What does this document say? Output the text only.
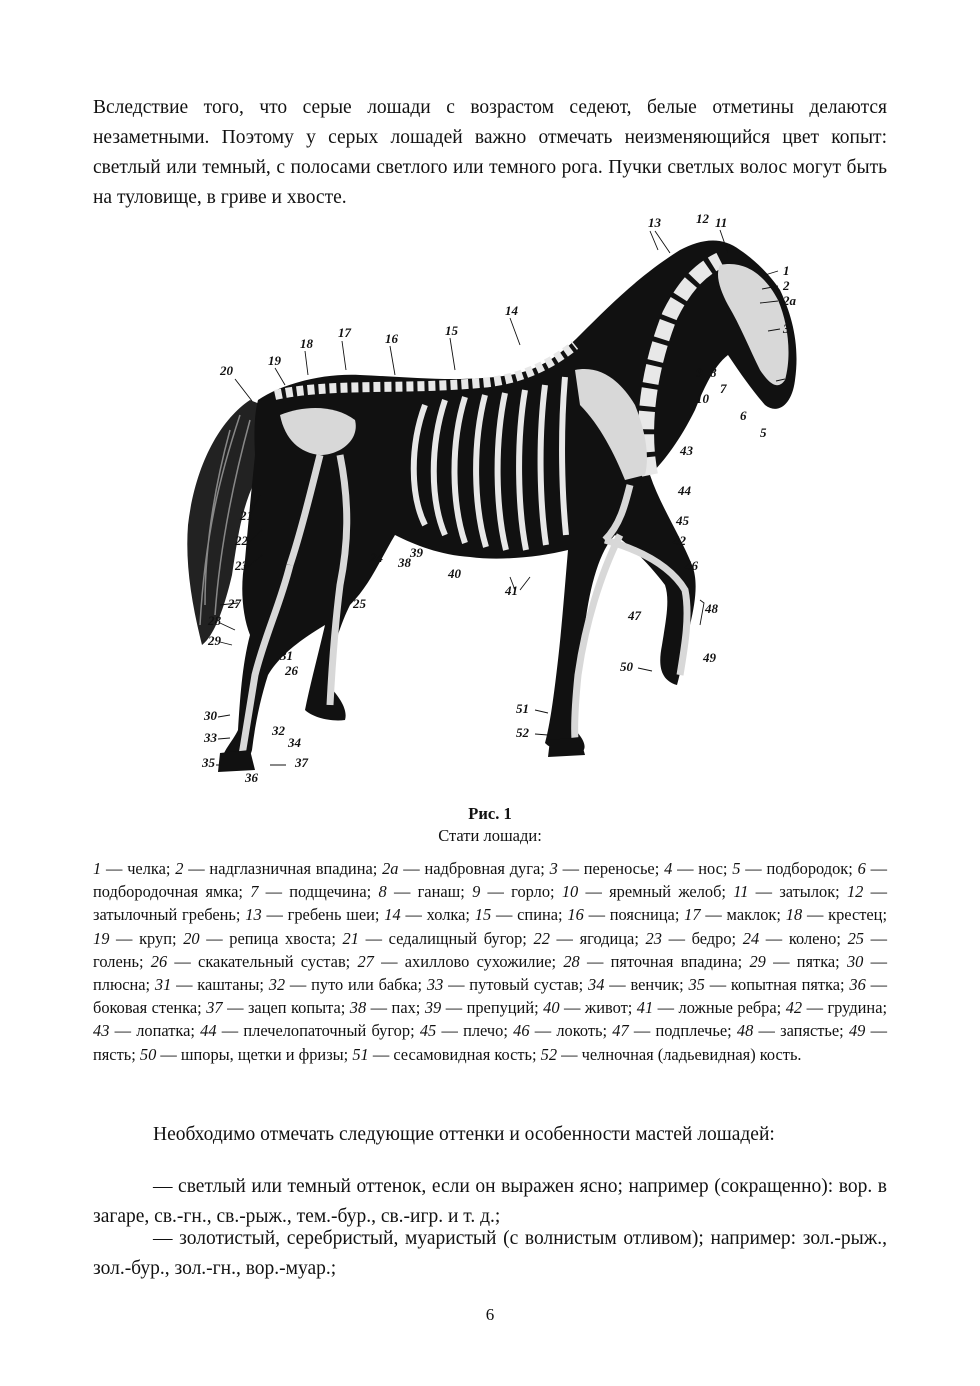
Вследствие того, что серые лошади с возрастом седеют, белые отметины делаются незаметными. Поэтому у серых лошадей важно отмечать неизменяющийся цвет копыт: светлый или темный, с полосами светлого или темного рога. Пучки светлых волос могут быть на туловище, в гриве и хвосте.

1
2
2а
3
4
5
6
7
8
9
10
11
12
13
14
15
16
17
18
19
20
21
22
23
24
25
26
27
28
29
30
31
32
33	34
35
36
37
38
39
40
41
42
43
44
45
46
47	48
49
50
51
52

Рис. 1

Стати лошади:

1 — челка; 2 — надглазничная впадина; 2а — надбровная дуга; 3 — переносье; 4 — нос; 5 — подбородок; 6 — подбородочная ямка; 7 — подщечина; 8 — ганаш; 9 — горло; 10 — яремный желоб; 11 — затылок; 12 — затылочный гребень; 13 — гребень шеи; 14 — холка; 15 — спина; 16 — поясница; 17 — маклок; 18 — крестец; 19 — круп; 20 — репица хвоста; 21 — седалищный бугор; 22 — ягодица; 23 — бедро; 24 — колено; 25 — голень; 26 — скакательный сустав; 27 — ахиллово сухожилие; 28 — пяточная впадина; 29 — пятка; 30 — плюсна; 31 — каштаны; 32 — путо или бабка; 33 — путовый сустав; 34 — венчик; 35 — копытная пятка; 36 — боковая стенка; 37 — зацеп копыта; 38 — пах; 39 — препуций; 40 — живот; 41 — ложные ребра; 42 — грудина; 43 — лопатка; 44 — плечелопаточный бугор; 45 — плечо; 46 — локоть; 47 — подплечье; 48 — запястье; 49 — пясть; 50 — шпоры, щетки и фризы; 51 — сесамовидная кость; 52 — челночная (ладьевидная) кость.

Необходимо отмечать следующие оттенки и особенности мастей лошадей:

— светлый или темный оттенок, если он выражен ясно; например (сокращенно): вор. в загаре, св.-гн., св.-рыж., тем.-бур., св.-игр. и т. д.;

— золотистый, серебристый, муаристый (с волнистым отливом); например: зол.-рыж., зол.-бур., зол.-гн., вор.-муар.;

6
